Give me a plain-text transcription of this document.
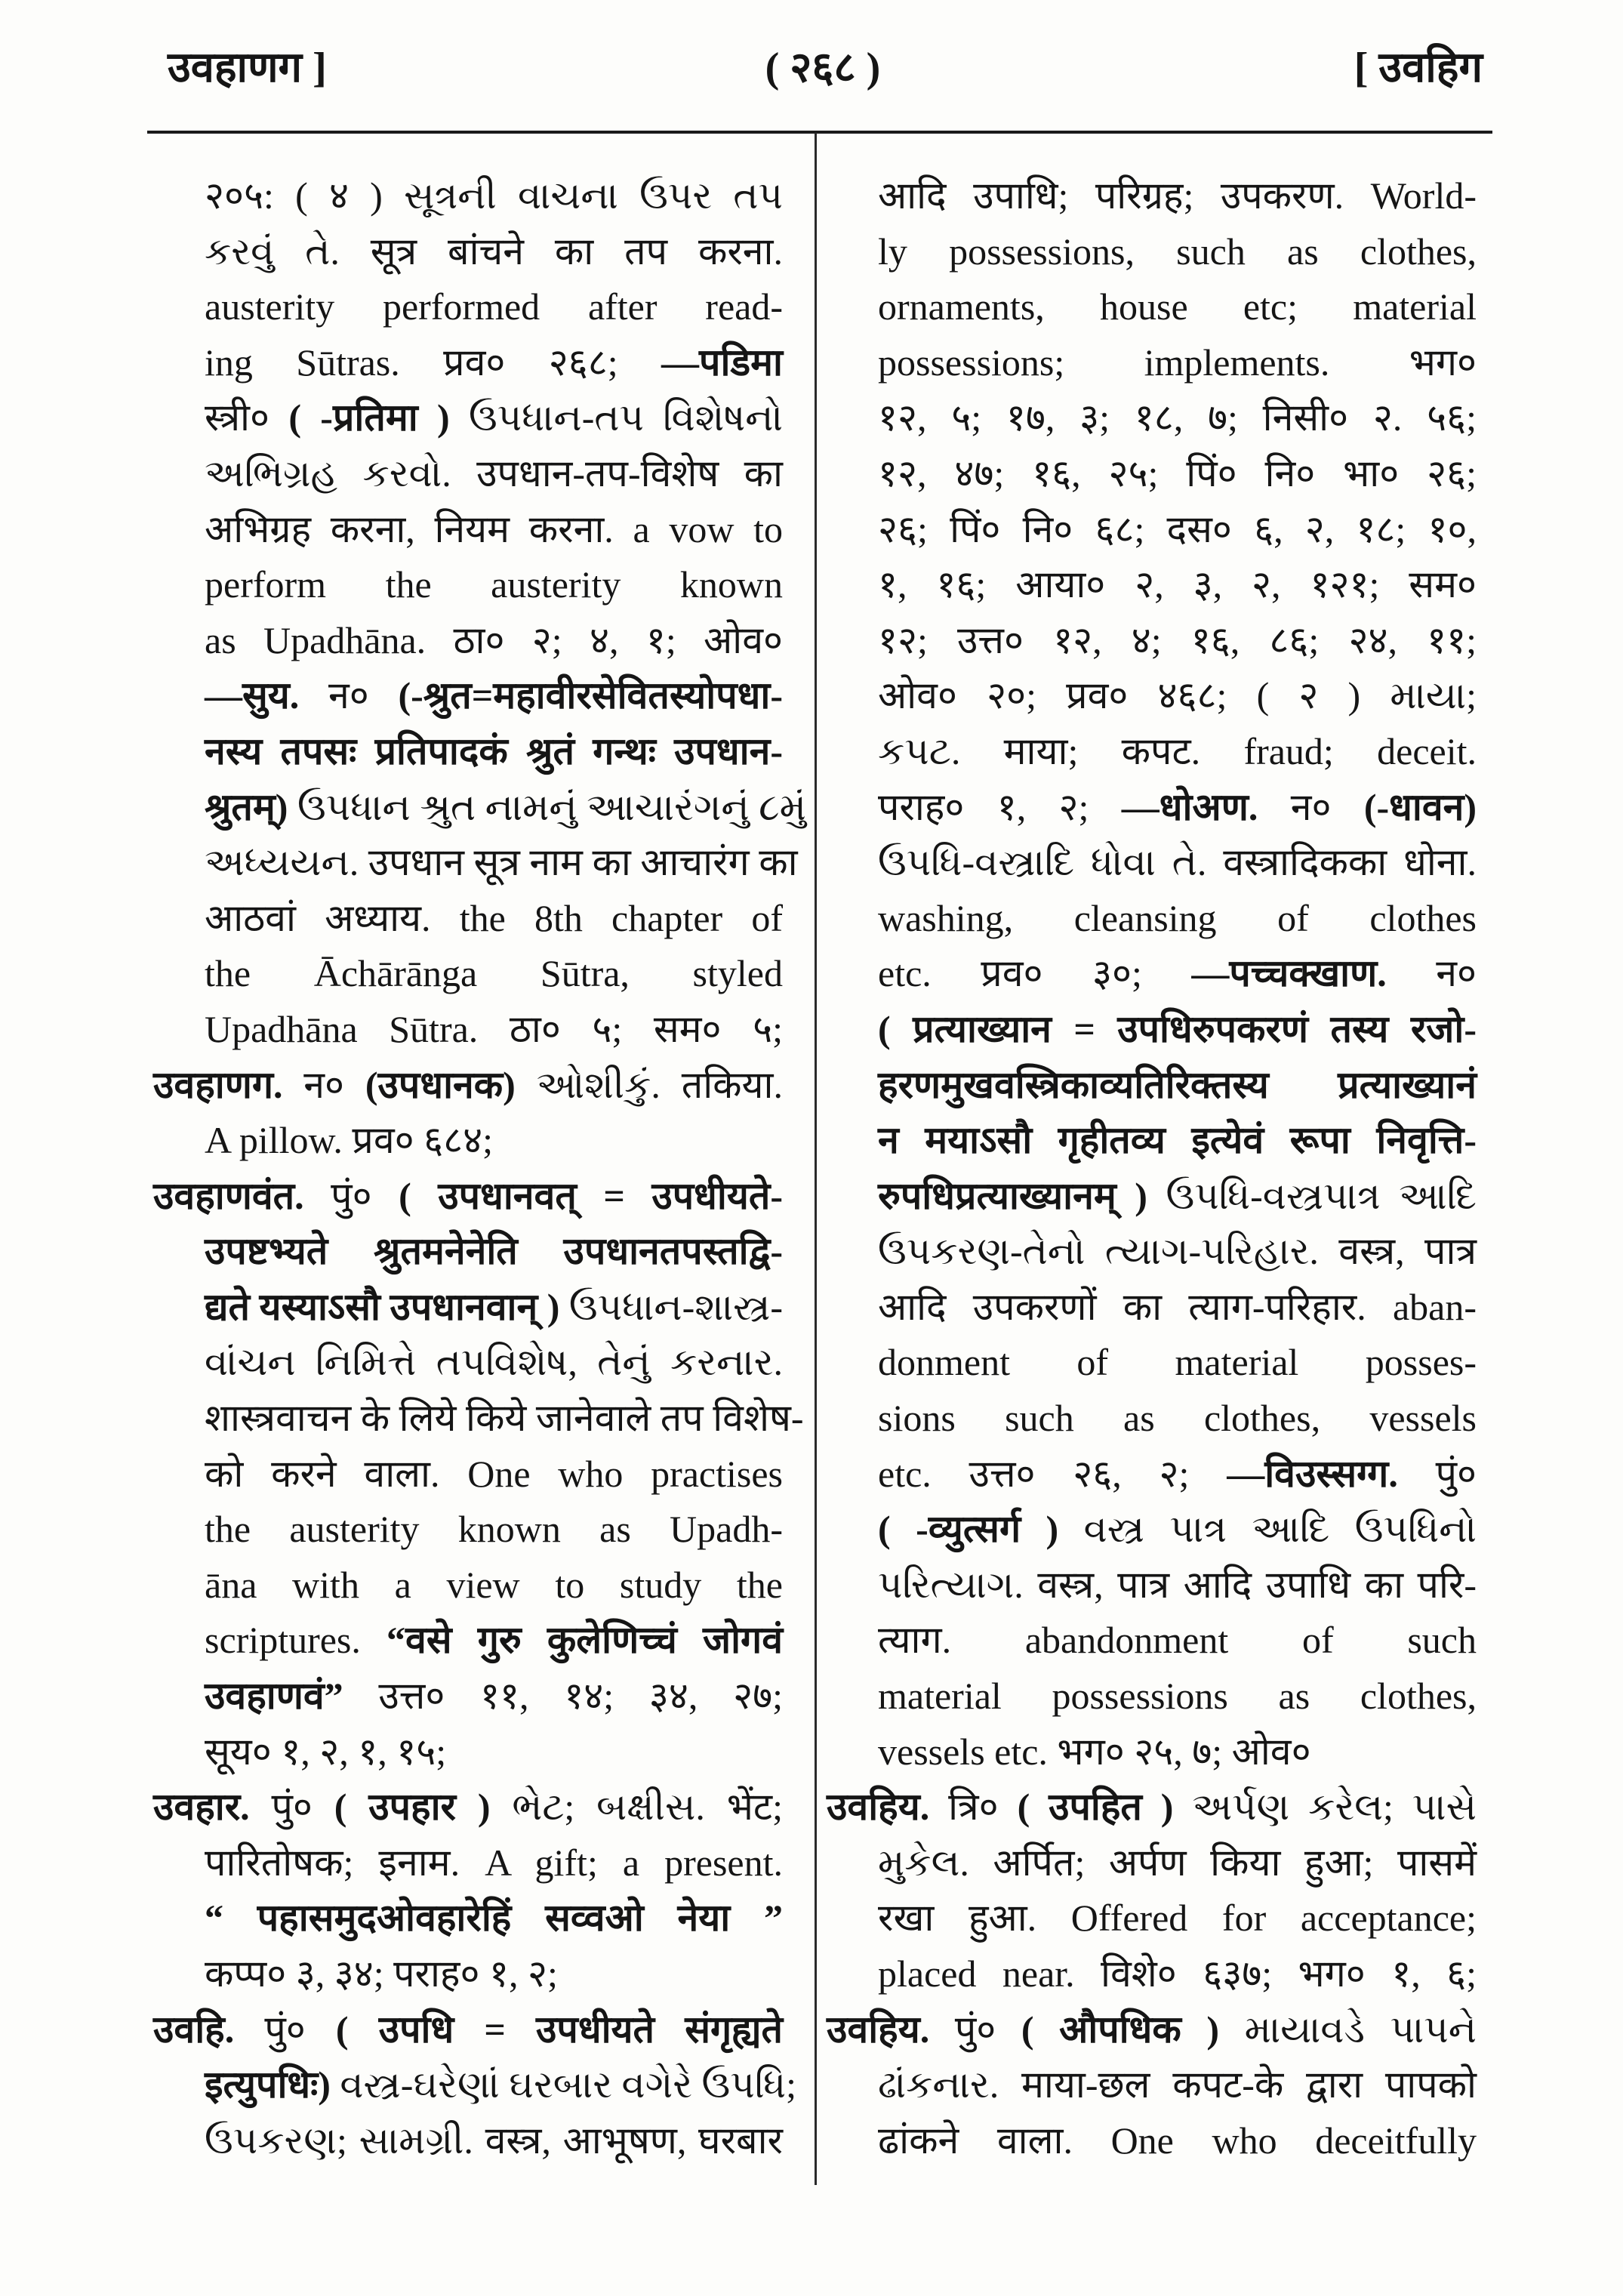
उवहाणग ]	( २६८ )	[ उवहिग
२०५: ( ४ ) સૂત્રની વાચના ઉપર તપ
કરવું તે. सूत्र बांचने का तप करना.
austerity performed after read-
ing Sūtras. प्रव० २६८; —पडिमा
स्त्री० ( -प्रतिमा ) ઉપધાન-તપ વિશેષનો
અભિગ્રહ કરવો. उपधान-तप-विशेष का
अभिग्रह करना, नियम करना. a vow to
perform the austerity known
as Upadhāna. ठा० २; ४, १; ओव०
—सुय. न० (-श्रुत=महावीरसेवितस्योपधा-
नस्य तपसः प्रतिपादकं श्रुतं गन्थः उपधान-
श्रुतम्) ઉપધાન શ્રુત નામનું આચારંગનું ૮મું
અધ્યયન. उपधान सूत्र नाम का आचारंग का
आठवां अध्याय. the 8th chapter of
the Āchārānga Sūtra, styled
Upadhāna Sūtra. ठा० ५; सम० ५;
उवहाणग. न० (उपधानक) ઓશીકું. तकिया.
A pillow. प्रव० ६८४;
उवहाणवंत. पुं० ( उपधानवत् = उपधीयते-
उपष्टभ्यते श्रुतमनेनेति उपधानतपस्तद्वि-
द्यते यस्याऽसौ उपधानवान् ) ઉપધાન-શાસ્ત્ર-
વાંચન નિમિત્તે તપવિશેષ, તેનું કરનાર.
शास्त्रवाचन के लिये किये जानेवाले तप विशेष-
को करने वाला. One who practises
the austerity known as Upadh-
āna with a view to study the
scriptures. “वसे गुरु कुलेणिच्चं जोगवं
उवहाणवं” उत्त० ११, १४; ३४, २७;
सूय० १, २, १, १५;
उवहार. पुं० ( उपहार ) ભેટ; બક્ષીસ. भेंट;
पारितोषक; इनाम. A gift; a present.
“ पहासमुदओवहारेहिं सव्वओ नेया ”
कप्प० ३, ३४; पराह० १, २;
उवहि. पुं० ( उपधि = उपधीयते संगृह्यते
इत्युपधिः) વસ્ત્ર-ઘરેણાં ઘરબાર વગેરે ઉપધિ;
ઉપકરણ; સામગ્રી. वस्त्र, आभूषण, घरबार
आदि उपाधि; परिग्रह; उपकरण. World-
ly possessions, such as clothes,
ornaments, house etc; material
possessions; implements. भग०
१२, ५; १७, ३; १८, ७; निसी० २. ५६;
१२, ४७; १६, २५; पिं० नि० भा० २६;
२६; पिं० नि० ६८; दस० ६, २, १८; १०,
१, १६; आया० २, ३, २, १२१; सम०
१२; उत्त० १२, ४; १६, ८६; २४, ११;
ओव० २०; प्रव० ४६८; ( २ ) માયા;
કપટ. माया; कपट. fraud; deceit.
पराह० १, २; —धोअण. न० (-धावन)
ઉપધિ-વસ્ત્રાદિ ધોવા તે. वस्त्रादिकका धोना.
washing, cleansing of clothes
etc. प्रव० ३०; —पच्चक्खाण. न०
( प्रत्याख्यान = उपधिरुपकरणं तस्य रजो-
हरणमुखवस्त्रिकाव्यतिरिक्तस्य प्रत्याख्यानं
न मयाऽसौ गृहीतव्य इत्येवं रूपा निवृत्ति-
रुपधिप्रत्याख्यानम् ) ઉપધિ-વસ્ત્રપાત્ર આદિ
ઉપકરણ-તેનો ત્યાગ-પરિહાર. वस्त्र, पात्र
आदि उपकरणों का त्याग-परिहार. aban-
donment of material posses-
sions such as clothes, vessels
etc. उत्त० २६, २; —विउस्सग्ग. पुं०
( -व्युत्सर्ग ) વસ્ત્ર પાત્ર આદિ ઉપધિનો
પરિત્યાગ. वस्त्र, पात्र आदि उपाधि का परि-
त्याग. abandonment of such
material possessions as clothes,
vessels etc. भग० २५, ७; ओव०
उवहिय. त्रि० ( उपहित ) અર્પણ કરેલ; પાસે
મુકેલ. अर्पित; अर्पण किया हुआ; पासमें
रखा हुआ. Offered for acceptance;
placed near. विशे० ६३७; भग० १, ६;
उवहिय. पुं० ( औपधिक ) માયાવડે પાપને
ઢાંકનાર. माया-छल कपट-के द्वारा पापको
ढांकने वाला. One who deceitfully
